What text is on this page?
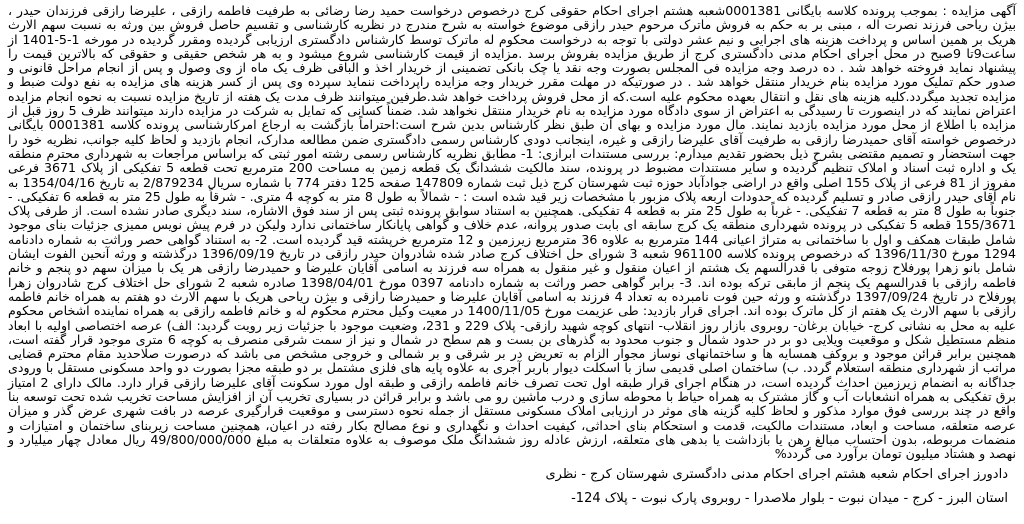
آگهی مزایده : بموجب پرونده کلاسه بایگانی 0001381شعبه هشتم اجرای احکام حقوقی کرج درخصوص درخواست حمید رضا رضائی به طرفیت فاطمه رازقی ، علیرضا رازقی فرزندان حیدر ، بیژن ریاحی فرزند نصرت اله ، مبنی بر به حکم به فروش ماترک مرحوم حیدر رازقی موضوع خواسته به شرح مندرج در نظریه کارشناسی و تقسیم حاصل فروش بین ورثه به نسبت سهم الارث هریک بر همین اساس و پرداخت هزینه های اجرایی و نیم عشر دولتی با توجه به درخواست محکوم له ماترک توسط کارشناس دادگستری ارزیابی گردیده ومقرر گردیده در مورخه 1-5-1401 از ساعت9تا 9صبح در محل اجرای احکام مدنی دادگستری کرج از طریق مزایده بفروش برسد .مزایده از قیمت کارشناسی شروع میشود و به هر شخص حقیقی و حقوقی که بالاترین قیمت را پیشنهاد نماید فروخته خواهد شد . ده درصد وجه مزایده فی المجلس بصورت وجه نقد یا چک بانکی تضمینی از خریدار اخذ و الباقی ظرف یک ماه از وی وصول و پس از انجام مراحل قانونی و صدور حکم تملیک مورد مزایده بنام خریدار منتقل خواهد شد . در صورتیکه در مهلت مقرر خریدار وجه مزایده راپرداخت ننماید سپرده وی پس از کسر هزینه های مزایده به نفع دولت ضبط و مزایده تجدید میگردد.کلیه هزینه های نقل و انتقال بعهده محکوم علیه است.که از محل فروش پرداخت خواهد شد.طرفین میتوانند ظرف مدت یک هفته از تاریخ مزایده نسبت به نحوه انجام مزایده اعتراض نمایند که در اینصورت تا رسیدگی به اعتراض از سوی دادگاه مورد مزایده به نام خریدار منتقل نخواهد شد. ضمناً کسانی که تمایل به شرکت در مزایده دارند میتوانند ظرف 5 روز قبل از مزایده با اطلاع از محل مورد مزایده بازدید نمایند. مال مورد مزایده و بهای آن طبق نظر کارشناس بدین شرح است:احتراماً بازگشت به ارجاع امرکارشناسی پرونده کلاسه 0001381 بایگانی درخصوص خواسته آقای حمیدرضا رازقی به طرفیت آقای علیرضا رازقی و غیره، اینجانب دودی کارشناس رسمی دادگستری ضمن مطالعه مدارک، انجام بازدید و لحاظ کلیه جوانب، نظریه خود را جهت استحضار و تصمیم مقتضی بشرح ذیل بحضور تقدیم میدارم: بررسی مستندات ابرازی: 1- مطابق نظریه کارشناس رسمی رشته امور ثبتی که براساس مراجعات به شهرداری محترم منطقه یک و اداره ثبت اسناد و املاک تنظیم گردیده و سایر مستندات مضبوط در پرونده، سند مالکیت ششدانگ یک قطعه زمین به مساحت 200 مترمربع تحت قطعه 5 تفکیکی از پلاک 3671 فرعی مفروز از 81 فرعی از پلاک 155 اصلی واقع در اراضی جوادآباد حوزه ثبت شهرستان کرج ذیل ثبت شماره 147809 صفحه 125 دفتر 774 با شماره سریال 2/879234 به تاریخ 1354/04/16 به نام آقای حیدر رازقی صادر و تسلیم گردیده که حدودات اربعه پلاک مزبور با مشخصات زیر قید شده است : - شمالاً به طول 8 متر به کوچه 4 متری. - شرقاً به طول 25 متر به قطعه 6 تفکیکی. - جنوباً به طول 8 متر به قطعه 7 تفکیکی. - غرباً به طول 25 متر به قطعه 4 تفکیکی. همچنین به استناد سوابق پرونده ثبتی پس از سند فوق الاشاره، سند دیگری صادر نشده است. از طرفی پلاک 155/3671 قطعه 5 تفکیکی در پرونده شهرداری منطقه یک کرج سابقه ای بابت صدور پروانه، عدم خلاف و گواهی پایانکار ساختمانی ندارد ولیکن در فرم پیش نویس ممیزی جزئیات بنای موجود شامل طبقات همکف و اول با ساختمانی به متراژ اعیانی 144 مترمربع به علاوه 36 مترمربع زیرزمین و 12 مترمربع خرپشته قید گردیده است. 2- به استناد گواهی حصر وراثت به شماره دادنامه 1294 مورخ 1396/11/30 که درخصوص پرونده کلاسه 961100 شعبه 3 شورای حل اختلاف کرج صادر شده شادروان حیدر رازقی در تاریخ 1396/09/19 درگذشته و ورثه آنحین الفوت ایشان شامل بانو زهرا پورفلاح زوجه متوفی با قدرالسهم یک هشتم از اعیان منقول و غیر منقول به همراه سه فرزند به اسامی آقایان علیرضا و حمیدرضا رازقی هر یک با میزان سهم دو پنجم و خانم فاطمه رازقی با قدرالسهم یک پنجم از مابقی ترکه بوده اند. 3- برابر گواهی حصر وراثت به شماره دادنامه 0397 مورخ 1398/04/01 صادره شعبه 2 شورای حل اختلاف کرج شادروان زهرا پورفلاح در تاریخ 1397/09/24 درگذشته و ورثه حین فوت نامبرده به تعداد 4 فرزند به اسامی آقایان علیرضا و حمیدرضا رازقی و بیژن ریاحی هریک با سهم الارث دو هفتم به همراه خانم فاطمه رازقی با سهم الارث یک هفتم از کل ماترک بوده اند. اجرای قرار بازدید: طی عزیمت مورخ 1400/11/05 در معیت وکیل محترم محکوم له و خانم فاطمه رازقی به همراه نماینده اشخاص محکوم علیه به محل به نشانی کرج- خیابان برغان- روبروی بازار روز انقلاب- انتهای کوچه شهید رازقی- پلاک 229 و 231، وضعیت موجود با جزئیات زیر رویت گردید: الف) عرصه اختصاصی اولیه با ابعاد منظم مستطیل شکل و موقعیت ویلایی دو بر در حدود شمال و جنوب محدود به گذرهای بن بست و هم سطح در شمال و نیز از سمت شرقی منصرف به کوچه 6 متری موجود قرار گفته است، همچنین برابر قرائن موجود و بروکف همسایه ها و ساختمانهای نوساز مجوار الزام به تعریض در بر شرقی و بر شمالی و خروجی مشخص می باشد که درصورت صلاحدید مقام محترم قضایی مراتب از شهرداری منطقه استعلام گردد. ب) ساختمان اصلی قدیمی ساز با اسکلت دیوار باربر آجری به علاوه پایه های فلزی مشتمل بر دو طبقه مجزا بصورت دو واحد مسکونی مستقل با ورودی جداگانه به انضمام زیرزمین احداث گردیده است، در هنگام اجرای قرار طبقه اول تحت تصرف خانم فاطمه رازقی و طبقه اول مورد سکونت آقای علیرضا رازقی قرار دارد. مالک دارای 2 امتیاز برق تفکیکی به همراه انشعابات آب و گاز مشترک به همراه حیاط با محوطه سازی و درب ماشین رو می باشد و برابر قرائن در بسیاری تخریب آن از افزایش مساحت تخریب شده تحت توسعه بنا واقع در چند بررسی فوق موارد مذکور و لحاظ کلیه گزینه های موثر در ارزیابی املاک مسکونی مستقل از جمله نحوه دسترسی و موقعیت قرارگیری عرصه در بافت شهری عرض گذر و میزان عرصه متعلقه، مساحت و ابعاد، مستندات مالکیت، قدمت و استحکام بنای احداثی، کیفیت احداث و نگهداری و نوع مصالح بکار رفته در اعیان، همچنین مساحت زیربنای ساختمان و امتیازات و منضمات مربوطه، بدون احتساب مبالغ رهن یا بازداشت یا بدهی های متعلقه، ارزش عادله روز ششدانگ ملک موصوف به علاوه متعلقات به مبلغ 49/800/000/000 ریال معادل چهار میلیارد و نهصد و هشتاد میلیون تومان برآورد می گردد%

دادورز اجرای احکام شعبه هشتم اجرای احکام مدنی دادگستری شهرستان کرج - نظری

استان البرز - کرج - میدان نبوت - بلوار ملاصدرا - روبروی پارک نبوت - پلاک 124-
